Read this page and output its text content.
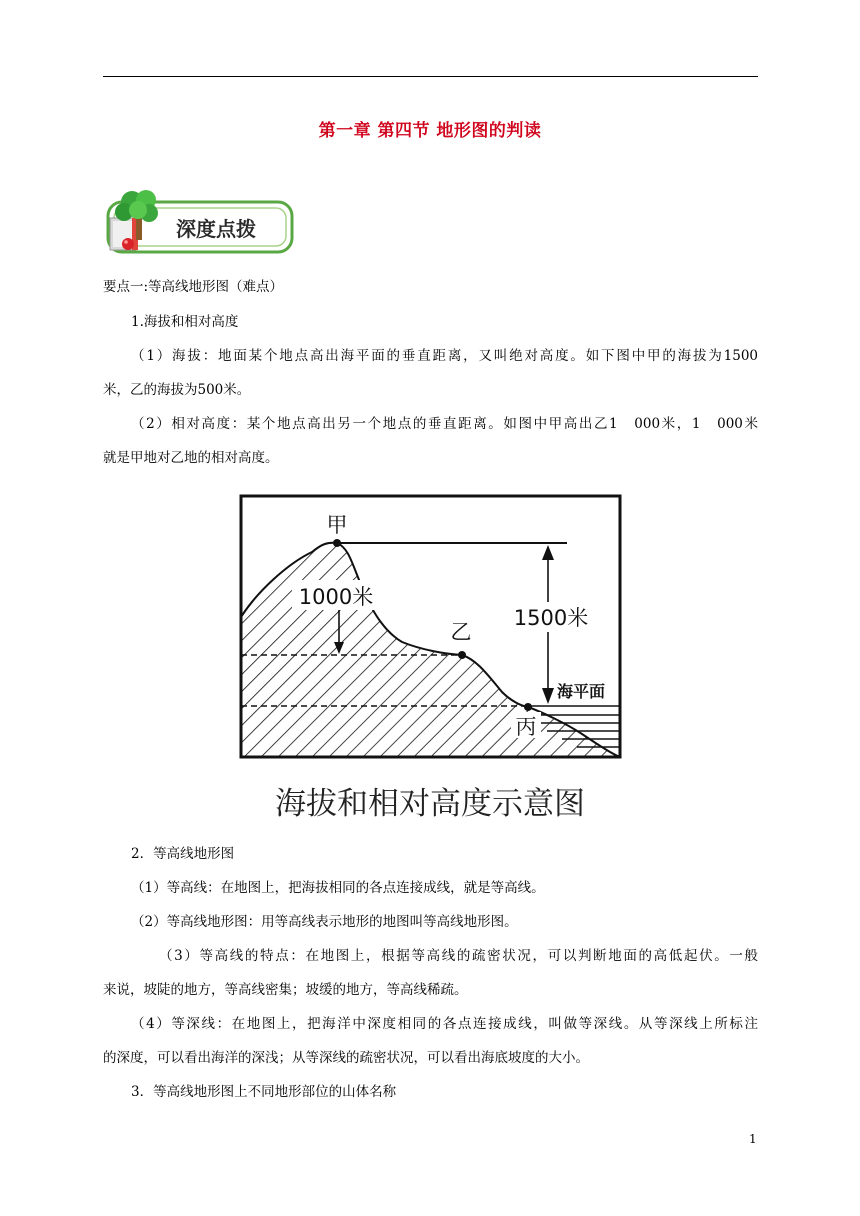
第一章 第四节 地形图的判读
深度点拨
要点一:等高线地形图（难点）
1.海拔和相对高度
（1）海拔：地面某个地点高出海平面的垂直距离，又叫绝对高度。如下图中甲的海拔为1500
米，乙的海拔为500米。
（2）相对高度：某个地点高出另一个地点的垂直距离。如图中甲高出乙1　000米，1　000米
就是甲地对乙地的相对高度。
甲
1000米
乙
1500米
海平面
丙
海拔和相对高度示意图
2．等高线地形图
（1）等高线：在地图上，把海拔相同的各点连接成线，就是等高线。
（2）等高线地形图：用等高线表示地形的地图叫等高线地形图。
（3）等高线的特点：在地图上，根据等高线的疏密状况，可以判断地面的高低起伏。一般
来说，坡陡的地方，等高线密集；坡缓的地方，等高线稀疏。
（4）等深线：在地图上，把海洋中深度相同的各点连接成线，叫做等深线。从等深线上所标注
的深度，可以看出海洋的深浅；从等深线的疏密状况，可以看出海底坡度的大小。
3．等高线地形图上不同地形部位的山体名称
1
